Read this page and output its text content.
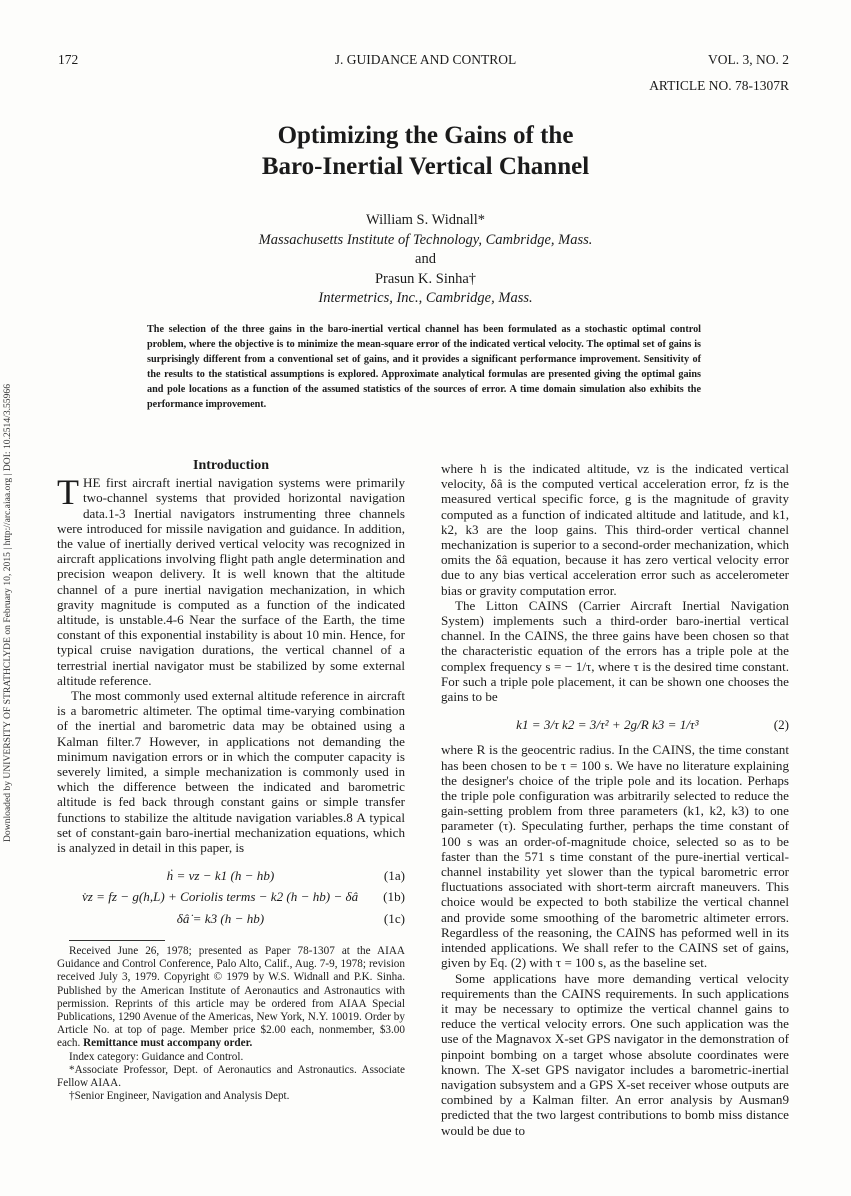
172	J. GUIDANCE AND CONTROL	VOL. 3, NO. 2
ARTICLE NO. 78-1307R
Optimizing the Gains of the
Baro-Inertial Vertical Channel
William S. Widnall*
Massachusetts Institute of Technology, Cambridge, Mass.
and
Prasun K. Sinha†
Intermetrics, Inc., Cambridge, Mass.
The selection of the three gains in the baro-inertial vertical channel has been formulated as a stochastic optimal control problem, where the objective is to minimize the mean-square error of the indicated vertical velocity. The optimal set of gains is surprisingly different from a conventional set of gains, and it provides a significant performance improvement. Sensitivity of the results to the statistical assumptions is explored. Approximate analytical formulas are presented giving the optimal gains and pole locations as a function of the assumed statistics of the sources of error. A time domain simulation also exhibits the performance improvement.
Downloaded by UNIVERSITY OF STRATHCLYDE on February 10, 2015 | http://arc.aiaa.org | DOI: 10.2514/3.55966	Introduction

THE first aircraft inertial navigation systems were primarily two-channel systems that provided horizontal navigation data.1-3 Inertial navigators instrumenting three channels were introduced for missile navigation and guidance. In addition, the value of inertially derived vertical velocity was recognized in aircraft applications involving flight path angle determination and precision weapon delivery. It is well known that the altitude channel of a pure inertial navigation mechanization, in which gravity magnitude is computed as a function of the indicated altitude, is unstable.4-6 Near the surface of the Earth, the time constant of this exponential instability is about 10 min. Hence, for typical cruise navigation durations, the vertical channel of a terrestrial inertial navigator must be stabilized by some external altitude reference.

The most commonly used external altitude reference in aircraft is a barometric altimeter. The optimal time-varying combination of the inertial and barometric data may be obtained using a Kalman filter.7 However, in applications not demanding the minimum navigation errors or in which the computer capacity is severely limited, a simple mechanization is commonly used in which the difference between the indicated and barometric altitude is fed back through constant gains or simple transfer functions to stabilize the altitude navigation variables.8 A typical set of constant-gain baro-inertial mechanization equations, which is analyzed in detail in this paper, is

ḣ = vz − k1 (h − hb)	(1a)
v̇z = fz − g(h,L) + Coriolis terms − k2 (h − hb) − δâ	(1b)
δâ̇ = k3 (h − hb)	(1c)

Received June 26, 1978; presented as Paper 78-1307 at the AIAA Guidance and Control Conference, Palo Alto, Calif., Aug. 7-9, 1978; revision received July 3, 1979. Copyright © 1979 by W.S. Widnall and P.K. Sinha. Published by the American Institute of Aeronautics and Astronautics with permission. Reprints of this article may be ordered from AIAA Special Publications, 1290 Avenue of the Americas, New York, N.Y. 10019. Order by Article No. at top of page. Member price $2.00 each, nonmember, $3.00 each. Remittance must accompany order.

Index category: Guidance and Control.

*Associate Professor, Dept. of Aeronautics and Astronautics. Associate Fellow AIAA.

†Senior Engineer, Navigation and Analysis Dept.

where h is the indicated altitude, vz is the indicated vertical velocity, δâ is the computed vertical acceleration error, fz is the measured vertical specific force, g is the magnitude of gravity computed as a function of indicated altitude and latitude, and k1, k2, k3 are the loop gains. This third-order vertical channel mechanization is superior to a second-order mechanization, which omits the δâ equation, because it has zero vertical velocity error due to any bias vertical acceleration error such as accelerometer bias or gravity computation error.

The Litton CAINS (Carrier Aircraft Inertial Navigation System) implements such a third-order baro-inertial vertical channel. In the CAINS, the three gains have been chosen so that the characteristic equation of the errors has a triple pole at the complex frequency s = − 1/τ, where τ is the desired time constant. For such a triple pole placement, it can be shown one chooses the gains to be

k1 = 3/τ k2 = 3/τ² + 2g/R k3 = 1/τ³	(2)

where R is the geocentric radius. In the CAINS, the time constant has been chosen to be τ = 100 s. We have no literature explaining the designer's choice of the triple pole and its location. Perhaps the triple pole configuration was arbitrarily selected to reduce the gain-setting problem from three parameters (k1, k2, k3) to one parameter (τ). Speculating further, perhaps the time constant of 100 s was an order-of-magnitude choice, selected so as to be faster than the 571 s time constant of the pure-inertial vertical-channel instability yet slower than the typical barometric error fluctuations associated with short-term aircraft maneuvers. This choice would be expected to both stabilize the vertical channel and provide some smoothing of the barometric altimeter errors. Regardless of the reasoning, the CAINS has peformed well in its intended applications. We shall refer to the CAINS set of gains, given by Eq. (2) with τ = 100 s, as the baseline set.

Some applications have more demanding vertical velocity requirements than the CAINS requirements. In such applications it may be necessary to optimize the vertical channel gains to reduce the vertical velocity errors. One such application was the use of the Magnavox X-set GPS navigator in the demonstration of pinpoint bombing on a target whose absolute coordinates were known. The X-set GPS navigator includes a barometric-inertial navigation subsystem and a GPS X-set receiver whose outputs are combined by a Kalman filter. An error analysis by Ausman9 predicted that the two largest contributions to bomb miss distance would be due to
